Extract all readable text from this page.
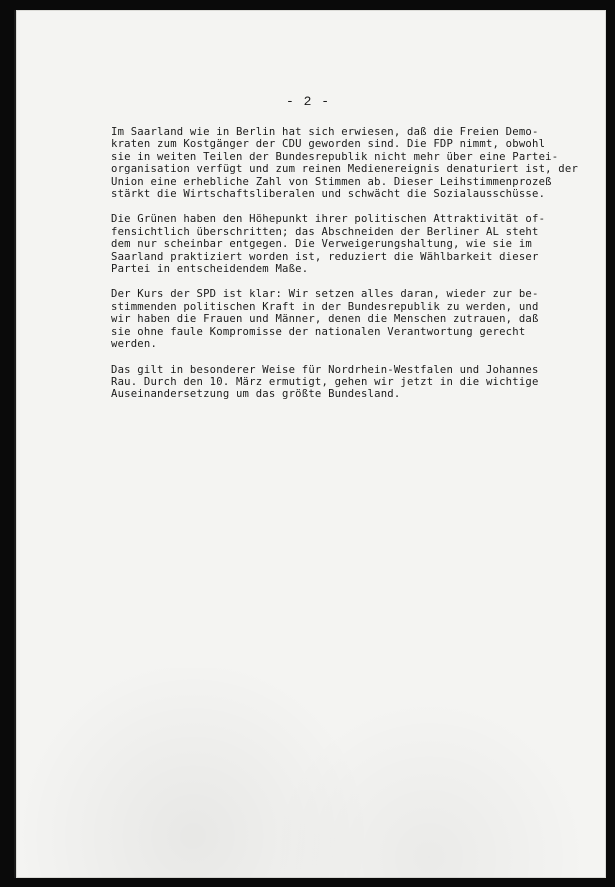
- 2 -

Im Saarland wie in Berlin hat sich erwiesen, daß die Freien Demo-
kraten zum Kostgänger der CDU geworden sind. Die FDP nimmt, obwohl
sie in weiten Teilen der Bundesrepublik nicht mehr über eine Partei-
organisation verfügt und zum reinen Medienereignis denaturiert ist, der
Union eine erhebliche Zahl von Stimmen ab. Dieser Leihstimmenprozeß
stärkt die Wirtschaftsliberalen und schwächt die Sozialausschüsse.

Die Grünen haben den Höhepunkt ihrer politischen Attraktivität of-
fensichtlich überschritten; das Abschneiden der Berliner AL steht
dem nur scheinbar entgegen. Die Verweigerungshaltung, wie sie im
Saarland praktiziert worden ist, reduziert die Wählbarkeit dieser
Partei in entscheidendem Maße.

Der Kurs der SPD ist klar: Wir setzen alles daran, wieder zur be-
stimmenden politischen Kraft in der Bundesrepublik zu werden, und
wir haben die Frauen und Männer, denen die Menschen zutrauen, daß
sie ohne faule Kompromisse der nationalen Verantwortung gerecht
werden.

Das gilt in besonderer Weise für Nordrhein-Westfalen und Johannes
Rau. Durch den 10. März ermutigt, gehen wir jetzt in die wichtige
Auseinandersetzung um das größte Bundesland.
